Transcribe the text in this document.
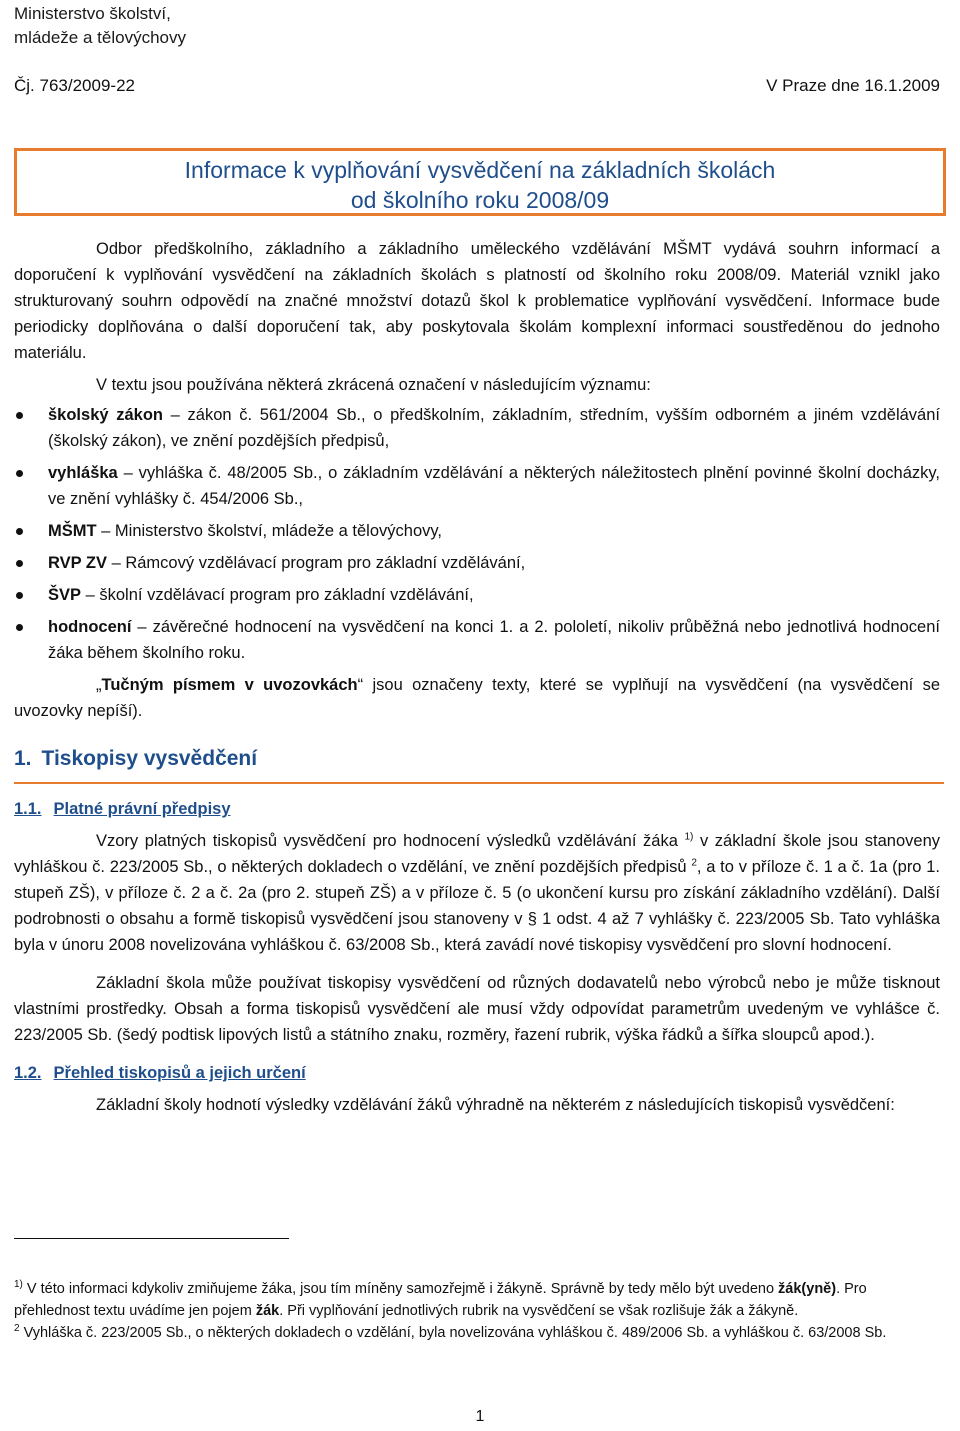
Ministerstvo školství,
mládeže a tělovýchovy
Čj. 763/2009-22	V Praze dne 16.1.2009
Informace k vyplňování vysvědčení na základních školách
od školního roku 2008/09

Odbor předškolního, základního a základního uměleckého vzdělávání MŠMT vydává souhrn informací a doporučení k vyplňování vysvědčení na základních školách s platností od školního roku 2008/09. Materiál vznikl jako strukturovaný souhrn odpovědí na značné množství dotazů škol k problematice vyplňování vysvědčení. Informace bude periodicky doplňována o další doporučení tak, aby poskytovala školám komplexní informaci soustředěnou do jednoho materiálu.

V textu jsou používána některá zkrácená označení v následujícím významu:

školský zákon – zákon č. 561/2004 Sb., o předškolním, základním, středním, vyšším odborném a jiném vzdělávání (školský zákon), ve znění pozdějších předpisů,
vyhláška – vyhláška č. 48/2005 Sb., o základním vzdělávání a některých náležitostech plnění povinné školní docházky, ve znění vyhlášky č. 454/2006 Sb.,
MŠMT – Ministerstvo školství, mládeže a tělovýchovy,
RVP ZV – Rámcový vzdělávací program pro základní vzdělávání,
ŠVP – školní vzdělávací program pro základní vzdělávání,
hodnocení – závěrečné hodnocení na vysvědčení na konci 1. a 2. pololetí, nikoliv průběžná nebo jednotlivá hodnocení žáka během školního roku.

„Tučným písmem v uvozovkách“ jsou označeny texty, které se vyplňují na vysvědčení (na vysvědčení se uvozovky nepíší).

1. Tiskopisy vysvědčení
1.1. Platné právní předpisy

Vzory platných tiskopisů vysvědčení pro hodnocení výsledků vzdělávání žáka $^{1)}$ v základní škole jsou stanoveny vyhláškou č. 223/2005 Sb., o některých dokladech o vzdělání, ve znění pozdějších předpisů $^2$, a to v příloze č. 1 a č. 1a (pro 1. stupeň ZŠ), v příloze č. 2 a č. 2a (pro 2. stupeň ZŠ) a v příloze č. 5 (o ukončení kursu pro získání základního vzdělání). Další podrobnosti o obsahu a formě tiskopisů vysvědčení jsou stanoveny v § 1 odst. 4 až 7 vyhlášky č. 223/2005 Sb. Tato vyhláška byla v únoru 2008 novelizována vyhláškou č. 63/2008 Sb., která zavádí nové tiskopisy vysvědčení pro slovní hodnocení.

Základní škola může používat tiskopisy vysvědčení od různých dodavatelů nebo výrobců nebo je může tisknout vlastními prostředky. Obsah a forma tiskopisů vysvědčení ale musí vždy odpovídat parametrům uvedeným ve vyhlášce č. 223/2005 Sb. (šedý podtisk lipových listů a státního znaku, rozměry, řazení rubrik, výška řádků a šířka sloupců apod.).

1.2. Přehled tiskopisů a jejich určení

Základní školy hodnotí výsledky vzdělávání žáků výhradně na některém z následujících tiskopisů vysvědčení:

$^{1)}$ V této informaci kdykoliv zmiňujeme žáka, jsou tím míněny samozřejmě i žákyně. Správně by tedy mělo být uvedeno žák(yně). Pro přehlednost textu uvádíme jen pojem žák. Při vyplňování jednotlivých rubrik na vysvědčení se však rozlišuje žák a žákyně.

$^2$ Vyhláška č. 223/2005 Sb., o některých dokladech o vzdělání, byla novelizována vyhláškou č. 489/2006 Sb. a vyhláškou č. 63/2008 Sb.

1
